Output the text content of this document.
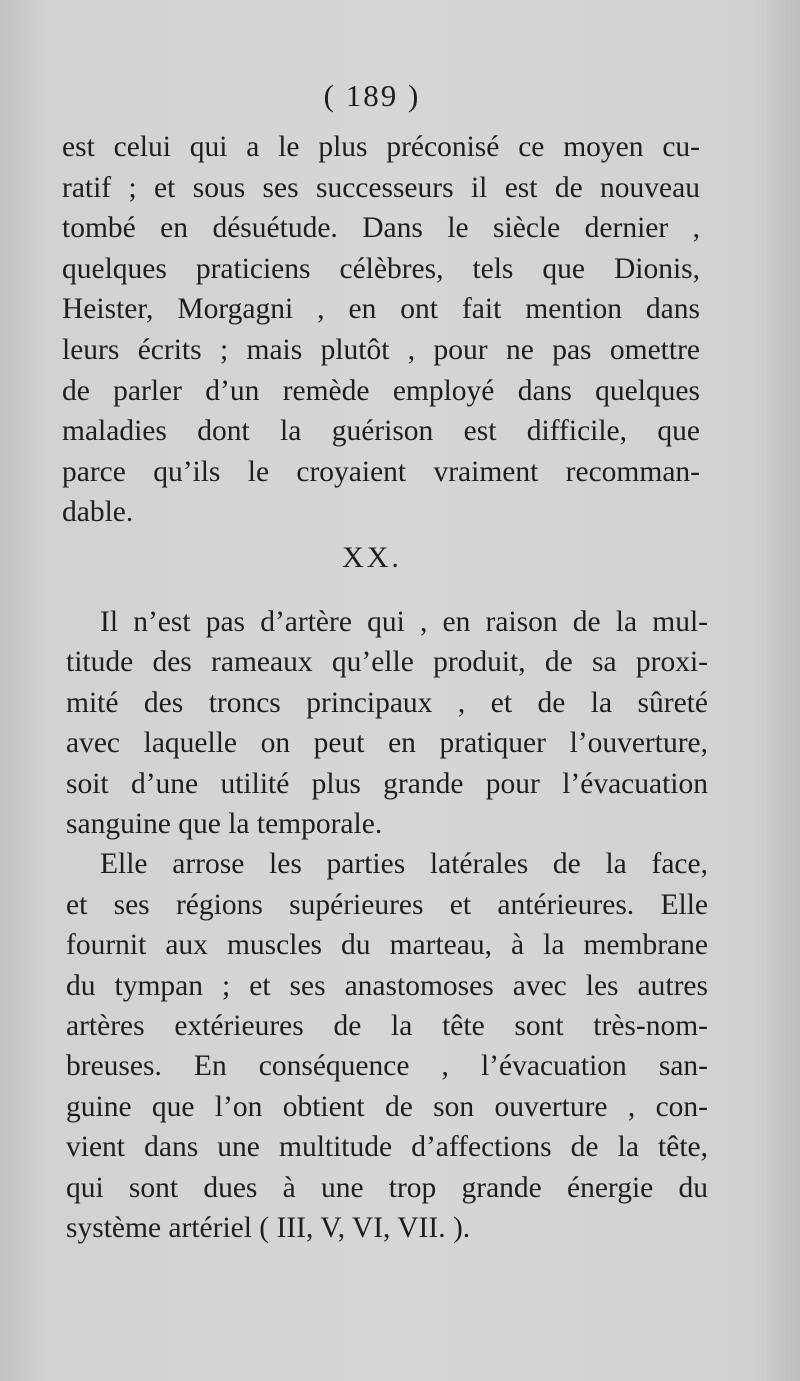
( 189 )
est celui qui a le plus préconisé ce moyen cu-
ratif ; et sous ses successeurs il est de nouveau
tombé en désuétude. Dans le siècle dernier ,
quelques praticiens célèbres, tels que Dionis,
Heister, Morgagni , en ont fait mention dans
leurs écrits ; mais plutôt , pour ne pas omettre
de parler d’un remède employé dans quelques
maladies dont la guérison est difficile, que
parce qu’ils le croyaient vraiment recomman-
dable.
XX.
Il n’est pas d’artère qui , en raison de la mul-
titude des rameaux qu’elle produit, de sa proxi-
mité des troncs principaux , et de la sûreté
avec laquelle on peut en pratiquer l’ouverture,
soit d’une utilité plus grande pour l’évacuation
sanguine que la temporale.
Elle arrose les parties latérales de la face,
et ses régions supérieures et antérieures. Elle
fournit aux muscles du marteau, à la membrane
du tympan ; et ses anastomoses avec les autres
artères extérieures de la tête sont très-nom-
breuses. En conséquence , l’évacuation san-
guine que l’on obtient de son ouverture , con-
vient dans une multitude d’affections de la tête,
qui sont dues à une trop grande énergie du
système artériel ( III, V, VI, VII. ).
